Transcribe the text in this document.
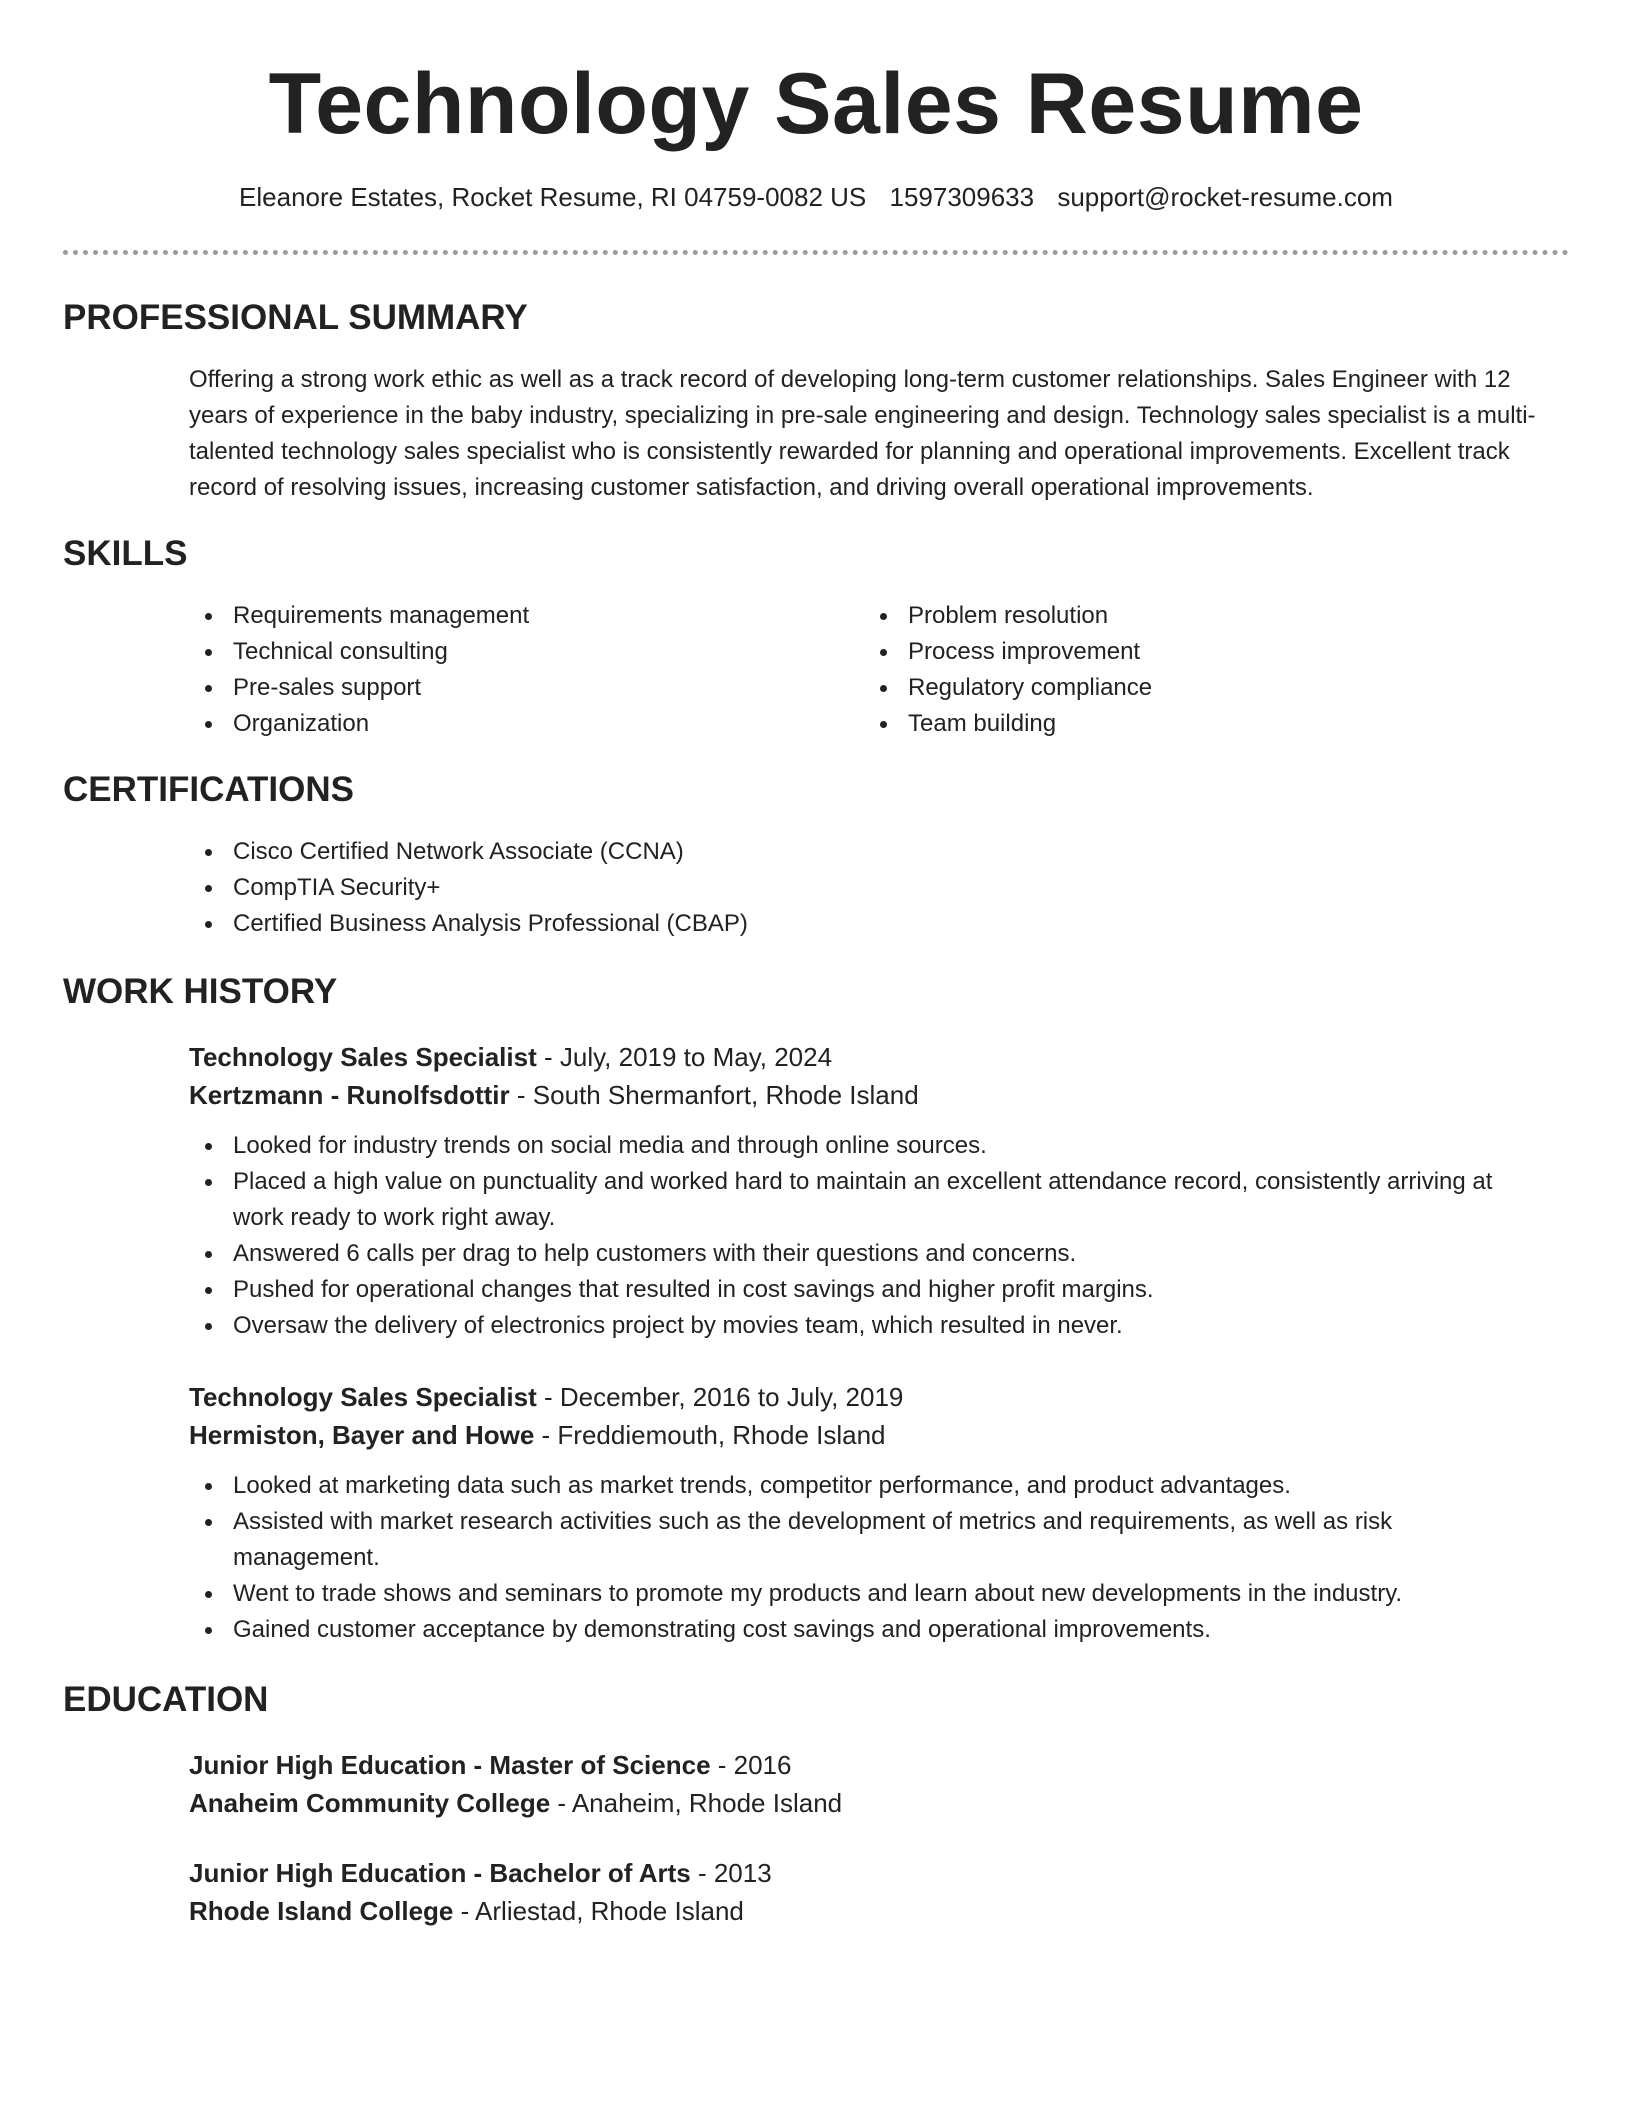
Technology Sales Resume
Eleanore Estates, Rocket Resume, RI 04759-0082 US 1597309633 support@rocket-resume.com
PROFESSIONAL SUMMARY
Offering a strong work ethic as well as a track record of developing long-term customer relationships. Sales Engineer with 12 years of experience in the baby industry, specializing in pre-sale engineering and design. Technology sales specialist is a multi-talented technology sales specialist who is consistently rewarded for planning and operational improvements. Excellent track record of resolving issues, increasing customer satisfaction, and driving overall operational improvements.
SKILLS
Requirements management
Technical consulting
Pre-sales support
Organization
Problem resolution
Process improvement
Regulatory compliance
Team building
CERTIFICATIONS
Cisco Certified Network Associate (CCNA)
CompTIA Security+
Certified Business Analysis Professional (CBAP)
WORK HISTORY
Technology Sales Specialist - July, 2019 to May, 2024
Kertzmann - Runolfsdottir - South Shermanfort, Rhode Island
Looked for industry trends on social media and through online sources.
Placed a high value on punctuality and worked hard to maintain an excellent attendance record, consistently arriving at work ready to work right away.
Answered 6 calls per drag to help customers with their questions and concerns.
Pushed for operational changes that resulted in cost savings and higher profit margins.
Oversaw the delivery of electronics project by movies team, which resulted in never.
Technology Sales Specialist - December, 2016 to July, 2019
Hermiston, Bayer and Howe - Freddiemouth, Rhode Island
Looked at marketing data such as market trends, competitor performance, and product advantages.
Assisted with market research activities such as the development of metrics and requirements, as well as risk management.
Went to trade shows and seminars to promote my products and learn about new developments in the industry.
Gained customer acceptance by demonstrating cost savings and operational improvements.
EDUCATION
Junior High Education - Master of Science - 2016
Anaheim Community College - Anaheim, Rhode Island
Junior High Education - Bachelor of Arts - 2013
Rhode Island College - Arliestad, Rhode Island
